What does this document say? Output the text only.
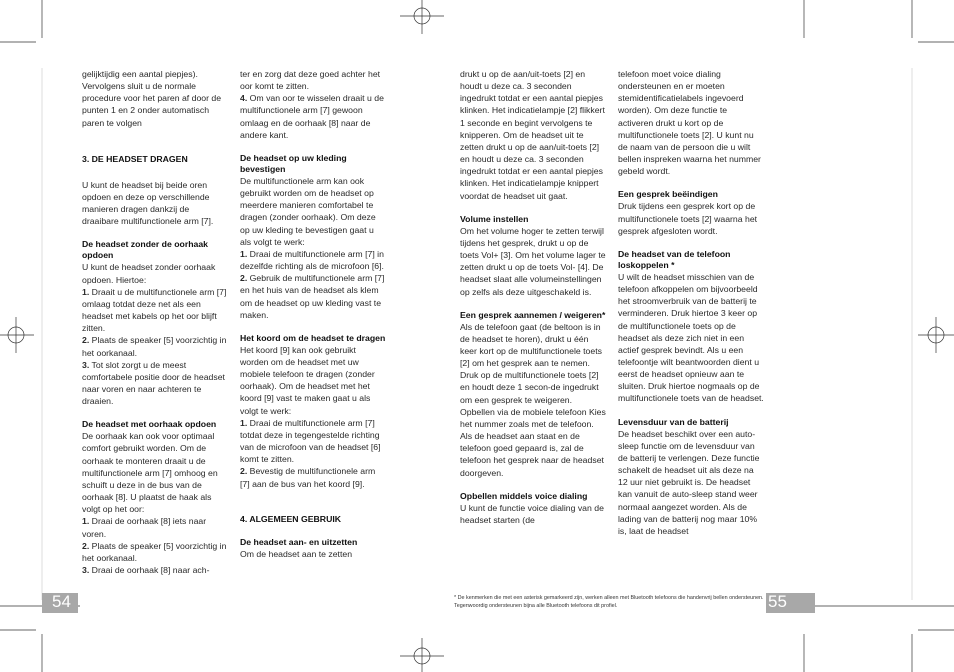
gelijktijdig een aantal piepjes). Vervolgens sluit u de normale procedure voor het paren af door de punten 1 en 2 onder automatisch paren te volgen

3. DE HEADSET DRAGEN

U kunt de headset bij beide oren opdoen en deze op verschillende manieren dragen dankzij de draaibare multifunctionele arm [7].

De headset zonder de oorhaak opdoen

U kunt de headset zonder oorhaak opdoen. Hiertoe:

1. Draait u de multifunctionele arm [7] omlaag totdat deze net als een headset met kabels op het oor blijft zitten.

2. Plaats de speaker [5] voorzichtig in het oorkanaal.

3. Tot slot zorgt u de meest comfortabele positie door de headset naar voren en naar achteren te draaien.

De headset met oorhaak opdoen

De oorhaak kan ook voor optimaal comfort gebruikt worden. Om de oorhaak te monteren draait u de multifunctionele arm [7] omhoog en schuift u deze in de bus van de oorhaak [8]. U plaatst de haak als volgt op het oor:

1. Draai de oorhaak [8] iets naar voren.

2. Plaats de speaker [5] voorzichtig in het oorkanaal.

3. Draai de oorhaak [8] naar ach-

ter en zorg dat deze goed achter het oor komt te zitten.

4. Om van oor te wisselen draait u de multifunctionele arm [7] gewoon omlaag en de oorhaak [8] naar de andere kant.

De headset op uw kleding bevestigen

De multifunctionele arm kan ook gebruikt worden om de headset op meerdere manieren comfortabel te dragen (zonder oorhaak). Om deze op uw kleding te bevestigen gaat u als volgt te werk:

1. Draai de multifunctionele arm [7] in dezelfde richting als de microfoon [6].

2. Gebruik de multifunctionele arm [7] en het huis van de headset als klem om de headset op uw kleding vast te maken.

Het koord om de headset te dragen

Het koord [9] kan ook gebruikt worden om de headset met uw mobiele telefoon te dragen (zonder oorhaak). Om de headset met het koord [9] vast te maken gaat u als volgt te werk:

1. Draai de multifunctionele arm [7] totdat deze in tegengestelde richting van de microfoon van de headset [6] komt te zitten.

2. Bevestig de multifunctionele arm [7] aan de bus van het koord [9].

4. ALGEMEEN GEBRUIK
De headset aan- en uitzetten

Om de headset aan te zetten

drukt u op de aan/uit-toets [2] en houdt u deze ca. 3 seconden ingedrukt totdat er een aantal piepjes klinken. Het indicatielampje [2] flikkert 1 seconde en begint vervolgens te knipperen. Om de headset uit te zetten drukt u op de aan/uit-toets [2] en houdt u deze ca. 3 seconden ingedrukt totdat er een aantal piepjes klinken. Het indicatielampje knippert voordat de headset uit gaat.

Volume instellen

Om het volume hoger te zetten terwijl tijdens het gesprek, drukt u op de toets Vol+ [3]. Om het volume lager te zetten drukt u op de toets Vol- [4]. De headset slaat alle volumeinstellingen op zelfs als deze uitgeschakeld is.

Een gesprek aannemen / weigeren*

Als de telefoon gaat (de beltoon is in de headset te horen), drukt u één keer kort op de multifunctionele toets [2] om het gesprek aan te nemen. Druk op de multifunctionele toets [2] en houdt deze 1 secon-de ingedrukt om een gesprek te weigeren.

Opbellen via de mobiele telefoon Kies het nummer zoals met de telefoon. Als de headset aan staat en de telefoon goed gepaard is, zal de telefoon het gesprek naar de headset doorgeven.

Opbellen middels voice dialing

U kunt de functie voice dialing van de headset starten (de

telefoon moet voice dialing ondersteunen en er moeten stemidentificatielabels ingevoerd worden). Om deze functie te activeren drukt u kort op de multifunctionele toets [2]. U kunt nu de naam van de persoon die u wilt bellen inspreken waarna het nummer gebeld wordt.

Een gesprek beëindigen

Druk tijdens een gesprek kort op de multifunctionele toets [2] waarna het gesprek afgesloten wordt.

De headset van de telefoon loskoppelen *

U wilt de headset misschien van de telefoon afkoppelen om bijvoorbeeld het stroomverbruik van de batterij te verminderen. Druk hiertoe 3 keer op de multifunctionele toets op de headset als deze zich niet in een actief gesprek bevindt. Als u een telefoontje wilt beantwoorden dient u eerst de headset opnieuw aan te sluiten. Druk hiertoe nogmaals op de multifunctionele toets van de headset.

Levensduur van de batterij

De headset beschikt over een auto-sleep functie om de levensduur van de batterij te verlengen. Deze functie schakelt de headset uit als deze na 12 uur niet gebruikt is. De headset kan vanuit de auto-sleep stand weer normaal aangezet worden. Als de lading van de batterij nog maar 10% is, laat de headset

54	55
* De kenmerken die met een asterisk gemarkeerd zijn, werken alleen met Bluetooth telefoons die handenvrij bellen ondersteunen. Tegenwoordig ondersteunen bijna alle Bluetooth telefoons dit profiel.
